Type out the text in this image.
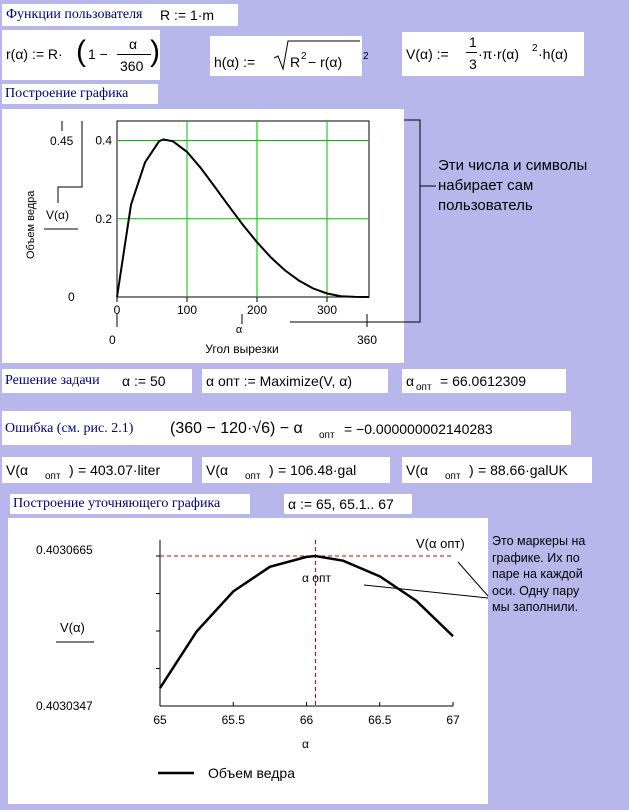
Функции пользователя R := 1·m
r(α) := R· ( 1 −
α
360 )	h(α) := R $_2$ − r(α) $_2$	V(α) :=
1
3
·π·r(α) $_2$ ·h(α)
Построение графика
0	100	200	300
0.2
0.4
0.45
0
V(α)
0	360
α
Угол вырезки
Объем ведра
Эти числа и символы набирает сам пользователь
Решение задачи α := 50	α опт := Maximize(V, α)	α $_{опт}$ = 66.0612309
Ошибка (см. рис. 2.1) (360 − 120·√6) − α $_{опт}$ = −0.000000002140283
V(α $_{опт}$ ) = 403.07·liter	V(α $_{опт}$ ) = 106.48·gal	V(α $_{опт}$ ) = 88.66·galUK
Построение уточняющего графика	α := 65, 65.1.. 67
65	65.5	66	66.5	67
0.4030665
0.4030347
V(α)
V(α опт)
α опт
α
Объем ведра
Это маркеры на графике. Их по паре на каждой оси. Одну пару мы заполнили.
